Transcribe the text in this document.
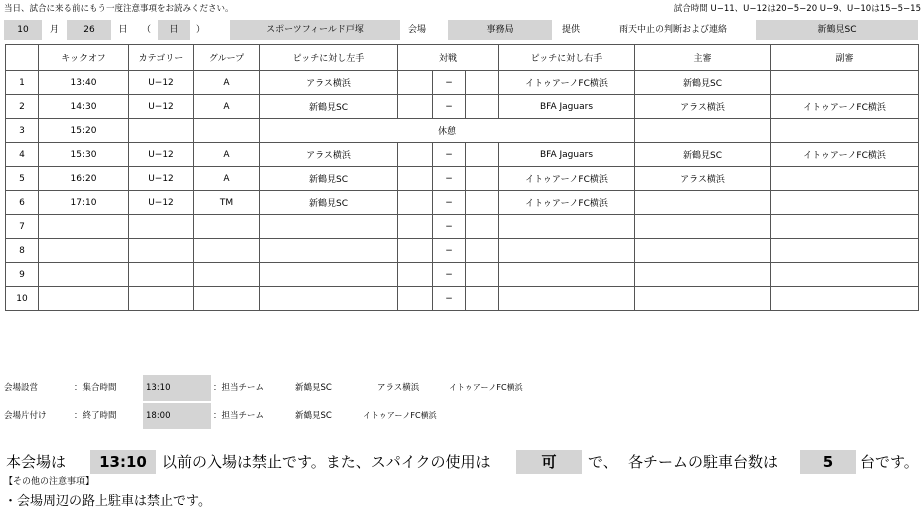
当日、試合に来る前にもう一度注意事項をお読みください。	試合時間 U−11、U−12は20−5−20 U−9、U−10は15−5−15
10	月	26	日	（	日	）	スポーツフィールド戸塚	会場	事務局	提供	雨天中止の判断および連絡	新鶴見SC
	キックオフ	カテゴリー	グループ	ピッチに対し左手	対戦			ピッチに対し右手	主審	副審
1	13:40	U−12	A	アラス横浜		−		イトゥアーノFC横浜	新鶴見SC	
2	14:30	U−12	A	新鶴見SC		−		BFA Jaguars	アラス横浜	イトゥアーノFC横浜
3	15:20			休憩						
4	15:30	U−12	A	アラス横浜		−		BFA Jaguars	新鶴見SC	イトゥアーノFC横浜
5	16:20	U−12	A	新鶴見SC		−		イトゥアーノFC横浜	アラス横浜	
6	17:10	U−12	TM	新鶴見SC		−		イトゥアーノFC横浜		
7						−				
8						−				
9						−				
10						−				
会場設営	：集合時間	13:10	：担当チーム	新鶴見SC	アラス横浜	イトゥアーノFC横浜
会場片付け	：終了時間	18:00	：担当チーム	新鶴見SC	イトゥアーノFC横浜
本会場は	13:10	以前の入場は禁止です。また、スパイクの使用は	可	で、 各チームの駐車台数は	5	台です。
【その他の注意事項】
・会場周辺の路上駐車は禁止です。
